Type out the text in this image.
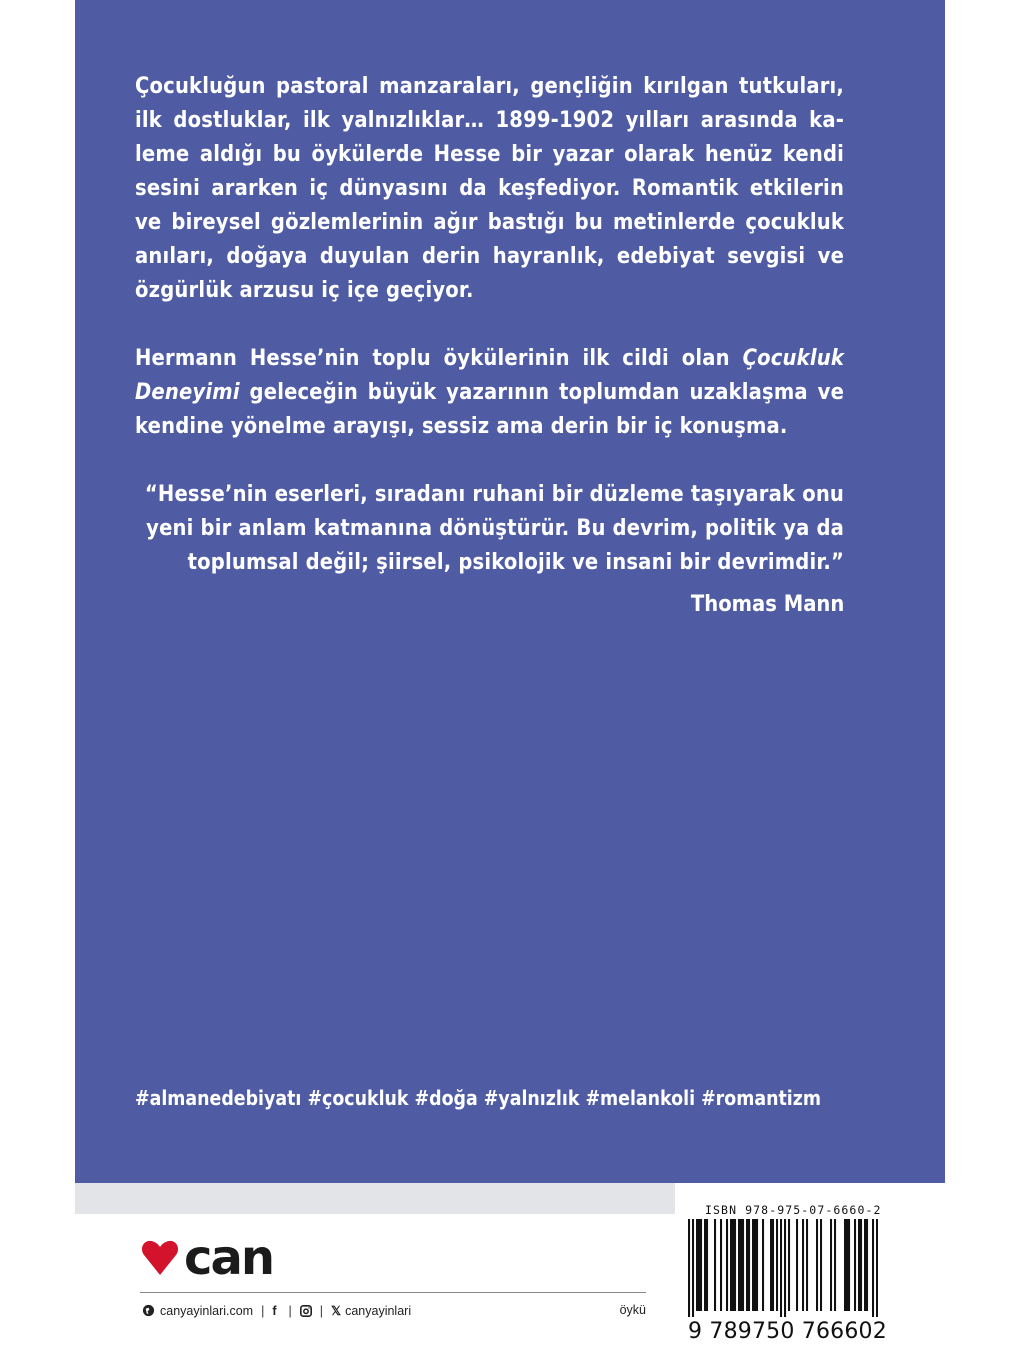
Çocukluğun pastoral manzaraları, gençliğin kırılgan tutkuları,
ilk dostluklar, ilk yalnızlıklar… 1899-1902 yılları arasında ka-
leme aldığı bu öykülerde Hesse bir yazar olarak henüz kendi
sesini ararken iç dünyasını da keşfediyor. Romantik etkilerin
ve bireysel gözlemlerinin ağır bastığı bu metinlerde çocukluk
anıları, doğaya duyulan derin hayranlık, edebiyat sevgisi ve
özgürlük arzusu iç içe geçiyor.
Hermann Hesse’nin toplu öykülerinin ilk cildi olan Çocukluk
Deneyimi geleceğin büyük yazarının toplumdan uzaklaşma ve
kendine yönelme arayışı, sessiz ama derin bir iç konuşma.
“Hesse’nin eserleri, sıradanı ruhani bir düzleme taşıyarak onu
yeni bir anlam katmanına dönüştürür. Bu devrim, politik ya da
toplumsal değil; şiirsel, psikolojik ve insani bir devrimdir.”
Thomas Mann
#almanedebiyatı #çocukluk #doğa #yalnızlık #melankoli #romantizm
can
canyayinlari.com | f | | 𝕏 canyayinlari	öykü
ISBN 978-975-07-6660-2
9 789750 766602
